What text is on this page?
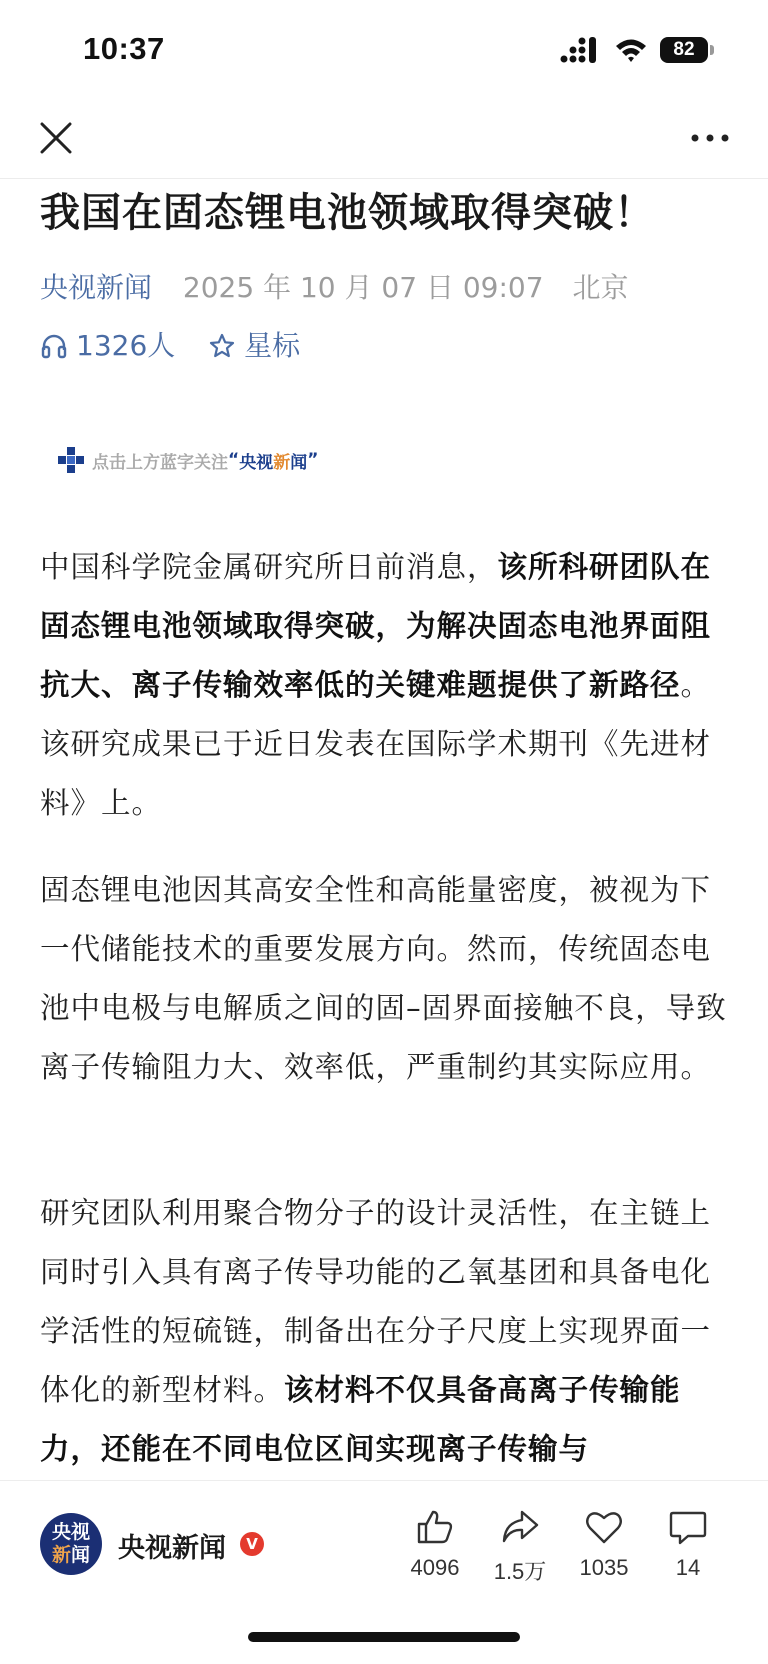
10:37	82
我国在固态锂电池领域取得突破！
央视新闻 2025 年 10 月 07 日 09:07 北京
1326人
星标
点击上方蓝字关注 “ 央视 新 闻 ”

中国科学院金属研究所日前消息，该所科研团队在固态锂电池领域取得突破，为解决固态电池界面阻抗大、离子传输效率低的关键难题提供了新路径。该研究成果已于近日发表在国际学术期刊《先进材料》上。

固态锂电池因其高安全性和高能量密度，被视为下一代储能技术的重要发展方向。然而，传统固态电池中电极与电解质之间的固–固界面接触不良，导致离子传输阻力大、效率低，严重制约其实际应用。

研究团队利用聚合物分子的设计灵活性，在主链上同时引入具有离子传导功能的乙氧基团和具备电化学活性的短硫链，制备出在分子尺度上实现界面一体化的新型材料。该材料不仅具备高离子传输能力，还能在不同电位区间实现离子传输与

央视
新闻	央视新闻	V
4096	1.5万	1035	14
